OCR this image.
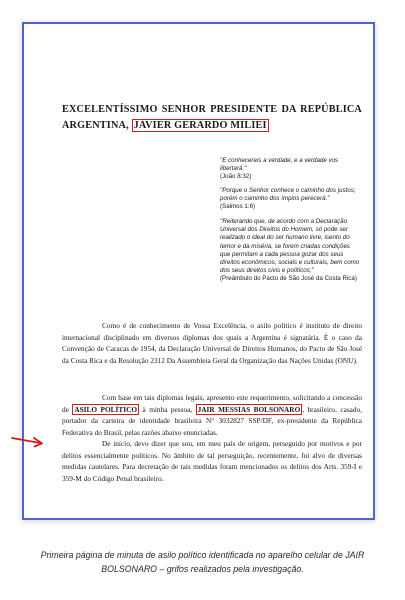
EXCELENTÍSSIMO SENHOR PRESIDENTE DA REPÚBLICA ARGENTINA, JAVIER GERARDO MILIEI
"E conhecereis a verdade, e a verdade vos libertará."
(João 8:32)
"Porque o Senhor conhece o caminho dos justos; porém o caminho dos ímpios perecerá."
(Salmos 1:6)
"Reiterando que, de acordo com a Declaração Universal dos Direitos do Homem, só pode ser realizado o ideal do ser humano livre, isento do temor e da miséria, se forem criadas condições que permitam a cada pessoa gozar dos seus direitos econômicos, sociais e culturais, bem como dos seus direitos civis e políticos;"
(Preâmbulo do Pacto de São José da Costa Rica)
Como é de conhecimento de Vossa Excelência, o asilo político é instituto de direito internacional disciplinado em diversos diplomas dos quais a Argentina é signatária. É o caso da Convenção de Caracas de 1954, da Declaração Universal de Direitos Humanos, do Pacto de São José da Costa Rica e da Resolução 2312 Da Assembleia Geral da Organização das Nações Unidas (ONU).
Com base em tais diplomas legais, apresento este requerimento, solicitando a concessão de ASILO POLÍTICO à minha pessoa, JAIR MESSIAS BOLSONARO , brasileiro, casado, portador da carteira de identidade brasileira N° 3032827 SSP/DF, ex-presidente da República Federativa do Brasil, pelas razões abaixo enunciadas.
De início, devo dizer que sou, em meu país de origem, perseguido por motivos e por delitos essencialmente políticos. No âmbito de tal perseguição, recentemente, fui alvo de diversas medidas cautelares. Para decretação de tais medidas foram mencionados os delitos dos Arts. 359-I e 359-M do Código Penal brasileiro.
Primeira página de minuta de asilo político identificada no aparelho celular de JAIR BOLSONARO – grifos realizados pela investigação.
